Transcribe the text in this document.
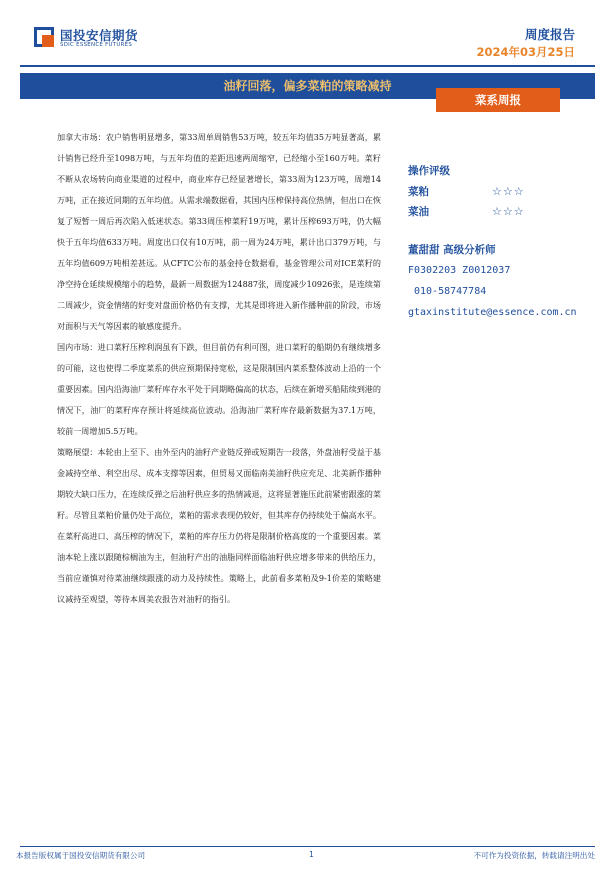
国投安信期货
SDIC ESSENCE FUTURES
周度报告
2024年03月25日
油籽回落，偏多菜粕的策略减持
菜系周报

加拿大市场：农户销售明显增多，第33周单周销售53万吨，较五年均值35万吨显著高，累计销售已经升至1098万吨，与五年均值的差距迅速两周缩窄，已经缩小至160万吨。菜籽不断从农场转向商业渠道的过程中，商业库存已经显著增长，第33周为123万吨，周增14万吨，正在接近同期的五年均值。从需求端数据看，其国内压榨保持高位热情，但出口在恢复了短暂一周后再次陷入低迷状态。第33周压榨菜籽19万吨，累计压榨693万吨，仍大幅快于五年均值633万吨。周度出口仅有10万吨，前一周为24万吨，累计出口379万吨，与五年均值609万吨相差甚远。从CFTC公布的基金持仓数据看，基金管理公司对ICE菜籽的净空持仓延续规模缩小的趋势，最新一周数据为124887张，周度减少10926张，是连续第二周减少，资金情绪的好变对盘面价格仍有支撑，尤其是即将进入新作播种前的阶段，市场对面积与天气等因素的敏感度提升。

国内市场：进口菜籽压榨利润虽有下跌，但目前仍有利可图，进口菜籽的船期仍有继续增多的可能，这也使得二季度菜系的供应预期保持宽松，这是限制国内菜系整体波动上沿的一个重要因素。国内沿海油厂菜籽库存水平处于同期略偏高的状态，后续在新增买船陆续到港的情况下，油厂的菜籽库存预计将延续高位波动。沿海油厂菜籽库存最新数据为37.1万吨，较前一周增加5.5万吨。

策略展望：本轮由上至下、由外至内的油籽产业链反弹或短期告一段落，外盘油籽受益于基金减持空单、利空出尽、成本支撑等因素，但贸易又面临南美油籽供应充足、北美新作播种期较大缺口压力，在连续反弹之后油籽供应多的热情减退，这将显著施压此前紧密跟涨的菜籽。尽管且菜粕价量仍处于高位，菜粕的需求表现仍较好，但其库存仍持续处于偏高水平。在菜籽高进口、高压榨的情况下，菜粕的库存压力仍将是限制价格高度的一个重要因素。菜油本轮上涨以跟随棕榈油为主，但油籽产出的油脂同样面临油籽供应增多带来的供给压力，当前应谨慎对待菜油继续跟涨的动力及持续性。策略上，此前看多菜粕及9-1价差的策略建议减持至观望，等待本周美农报告对油籽的指引。

操作评级
菜粕	☆☆☆
菜油	☆☆☆
董甜甜 高级分析师
F0302203 Z0012037
010-58747784
gtaxinstitute@essence.com.cn
本报告版权属于国投安信期货有限公司	1	不可作为投资依据，转载请注明出处
